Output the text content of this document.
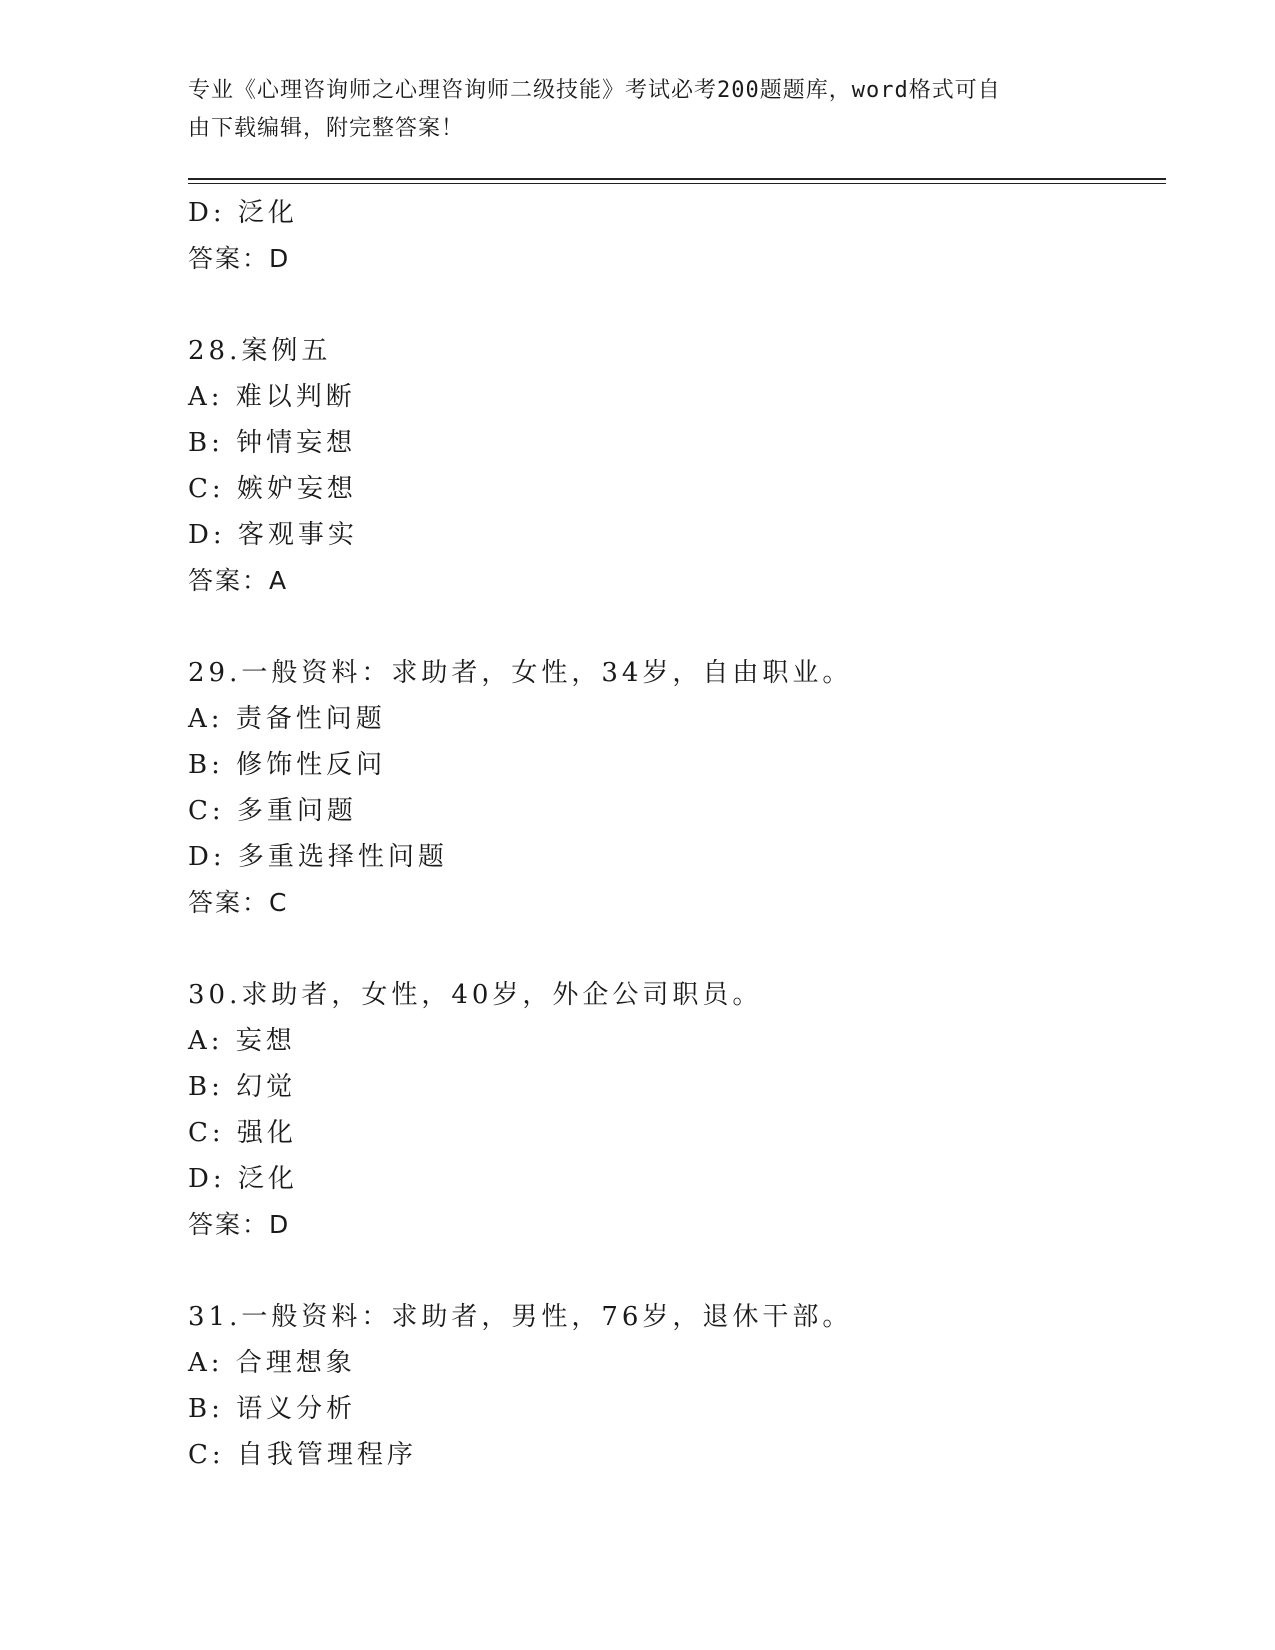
专业《心理咨询师之心理咨询师二级技能》考试必考200题题库，word格式可自
由下载编辑，附完整答案！
D: 泛化
答案：D
28.案例五
A: 难以判断
B: 钟情妄想
C: 嫉妒妄想
D: 客观事实
答案：A
29.一般资料：求助者，女性，34岁，自由职业。
A: 责备性问题
B: 修饰性反问
C: 多重问题
D: 多重选择性问题
答案：C
30.求助者，女性，40岁，外企公司职员。
A: 妄想
B: 幻觉
C: 强化
D: 泛化
答案：D
31.一般资料：求助者，男性，76岁，退休干部。
A: 合理想象
B: 语义分析
C: 自我管理程序
